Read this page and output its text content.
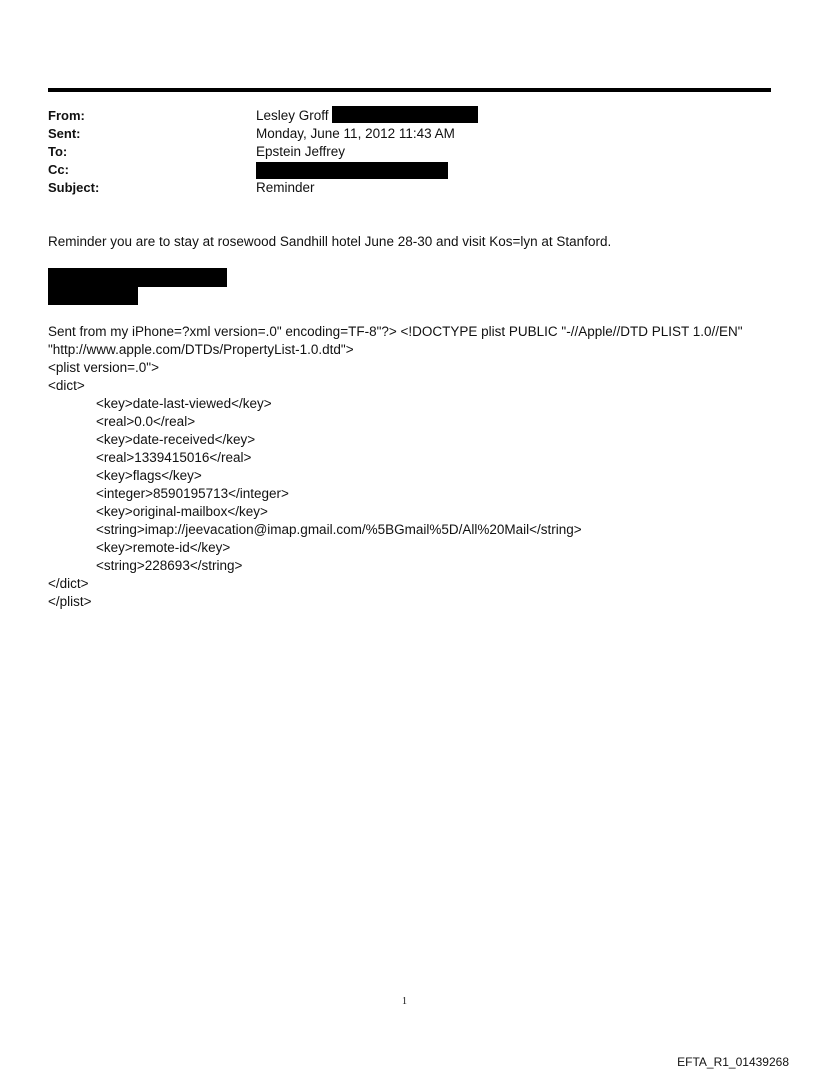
From:
Sent:
To:
Cc:
Subject:
Lesley Groff
Monday, June 11, 2012 11:43 AM
Epstein Jeffrey
Reminder
Reminder you are to stay at rosewood Sandhill hotel June 28-30 and visit Kos=lyn at Stanford.
Sent from my iPhone=?xml version=.0" encoding=TF-8"?> <!DOCTYPE plist PUBLIC "-//Apple//DTD PLIST 1.0//EN"
"http://www.apple.com/DTDs/PropertyList-1.0.dtd">
<plist version=.0">
<dict>
<key>date-last-viewed</key>
<real>0.0</real>
<key>date-received</key>
<real>1339415016</real>
<key>flags</key>
<integer>8590195713</integer>
<key>original-mailbox</key>
<string>imap://jeevacation@imap.gmail.com/%5BGmail%5D/All%20Mail</string>
<key>remote-id</key>
<string>228693</string>
</dict>
</plist>
1
EFTA_R1_01439268
